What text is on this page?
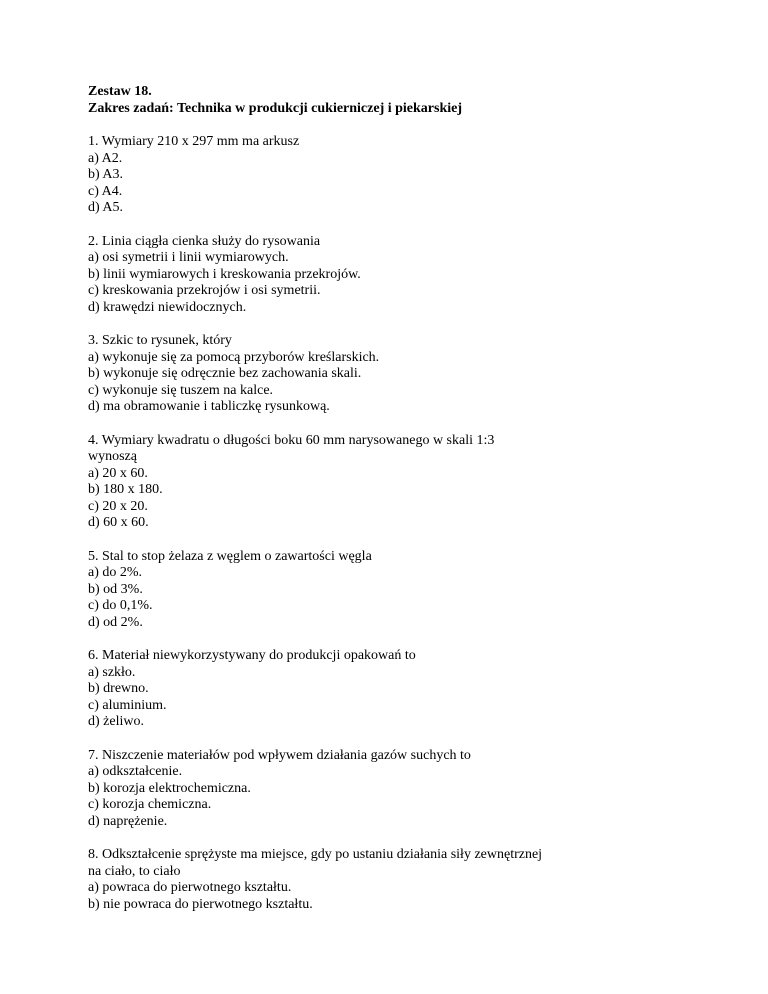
Zestaw 18.
Zakres zadań: Technika w produkcji cukierniczej i piekarskiej
1. Wymiary 210 x 297 mm ma arkusz
a) A2.
b) A3.
c) A4.
d) A5.
2. Linia ciągła cienka służy do rysowania
a) osi symetrii i linii wymiarowych.
b) linii wymiarowych i kreskowania przekrojów.
c) kreskowania przekrojów i osi symetrii.
d) krawędzi niewidocznych.
3. Szkic to rysunek, który
a) wykonuje się za pomocą przyborów kreślarskich.
b) wykonuje się odręcznie bez zachowania skali.
c) wykonuje się tuszem na kalce.
d) ma obramowanie i tabliczkę rysunkową.
4. Wymiary kwadratu o długości boku 60 mm narysowanego w skali 1:3
wynoszą
a) 20 x 60.
b) 180 x 180.
c) 20 x 20.
d) 60 x 60.
5. Stal to stop żelaza z węglem o zawartości węgla
a) do 2%.
b) od 3%.
c) do 0,1%.
d) od 2%.
6. Materiał niewykorzystywany do produkcji opakowań to
a) szkło.
b) drewno.
c) aluminium.
d) żeliwo.
7. Niszczenie materiałów pod wpływem działania gazów suchych to
a) odkształcenie.
b) korozja elektrochemiczna.
c) korozja chemiczna.
d) naprężenie.
8. Odkształcenie sprężyste ma miejsce, gdy po ustaniu działania siły zewnętrznej
na ciało, to ciało
a) powraca do pierwotnego kształtu.
b) nie powraca do pierwotnego kształtu.
